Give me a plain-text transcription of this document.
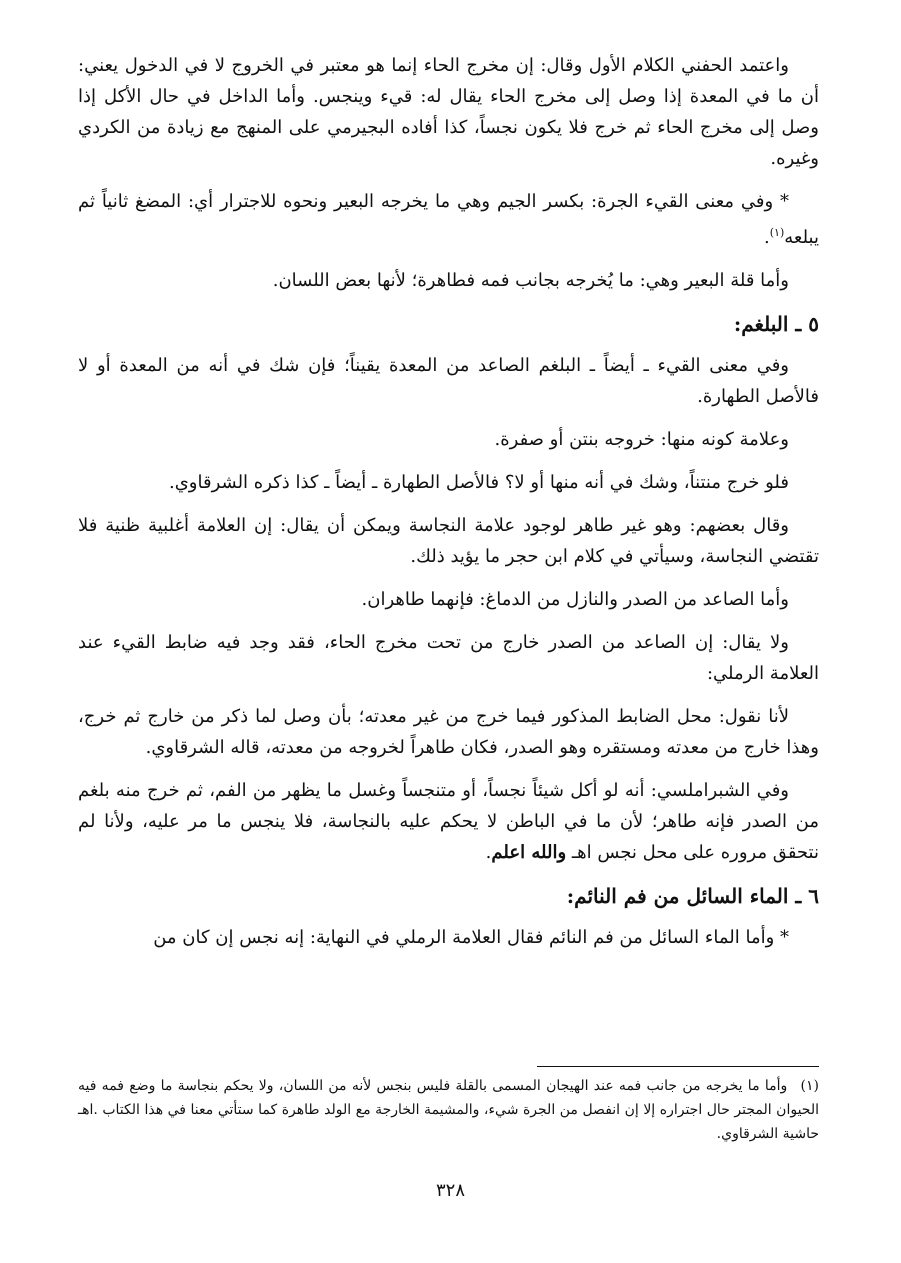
واعتمد الحفني الكلام الأول وقال: إن مخرج الحاء إنما هو معتبر في الخروج لا في الدخول يعني: أن ما في المعدة إذا وصل إلى مخرج الحاء يقال له: قيء وينجس. وأما الداخل في حال الأكل إذا وصل إلى مخرج الحاء ثم خرج فلا يكون نجساً، كذا أفاده البجيرمي على المنهج مع زيادة من الكردي وغيره.

* وفي معنى القيء الجرة: بكسر الجيم وهي ما يخرجه البعير ونحوه للاجترار أي: المضغ ثانياً ثم يبلعه$^{(١)}$.

وأما قلة البعير وهي: ما يُخرجه بجانب فمه فطاهرة؛ لأنها بعض اللسان.

٥ ـ البلغم:

وفي معنى القيء ـ أيضاً ـ البلغم الصاعد من المعدة يقيناً؛ فإن شك في أنه من المعدة أو لا فالأصل الطهارة.

وعلامة كونه منها: خروجه بنتن أو صفرة.

فلو خرج منتناً، وشك في أنه منها أو لا؟ فالأصل الطهارة ـ أيضاً ـ كذا ذكره الشرقاوي.

وقال بعضهم: وهو غير طاهر لوجود علامة النجاسة ويمكن أن يقال: إن العلامة أغلبية ظنية فلا تقتضي النجاسة، وسيأتي في كلام ابن حجر ما يؤيد ذلك.

وأما الصاعد من الصدر والنازل من الدماغ: فإنهما طاهران.

ولا يقال: إن الصاعد من الصدر خارج من تحت مخرج الحاء، فقد وجد فيه ضابط القيء عند العلامة الرملي:

لأنا نقول: محل الضابط المذكور فيما خرج من غير معدته؛ بأن وصل لما ذكر من خارج ثم خرج، وهذا خارج من معدته ومستقره وهو الصدر، فكان طاهراً لخروجه من معدته، قاله الشرقاوي.

وفي الشبراملسي: أنه لو أكل شيئاً نجساً، أو متنجساً وغسل ما يظهر من الفم، ثم خرج منه بلغم من الصدر فإنه طاهر؛ لأن ما في الباطن لا يحكم عليه بالنجاسة، فلا ينجس ما مر عليه، ولأنا لم نتحقق مروره على محل نجس اهـ والله اعلم.

٦ ـ الماء السائل من فم النائم:

* وأما الماء السائل من فم النائم فقال العلامة الرملي في النهاية: إنه نجس إن كان من

(١) وأما ما يخرجه من جانب فمه عند الهيجان المسمى بالقلة فليس بنجس لأنه من اللسان، ولا يحكم بنجاسة ما وضع فمه فيه الحيوان المجتر حال اجتراره إلا إن انفصل من الجرة شيء، والمشيمة الخارجة مع الولد طاهرة كما ستأتي معنا في هذا الكتاب .اهـ حاشية الشرقاوي.
٣٢٨
